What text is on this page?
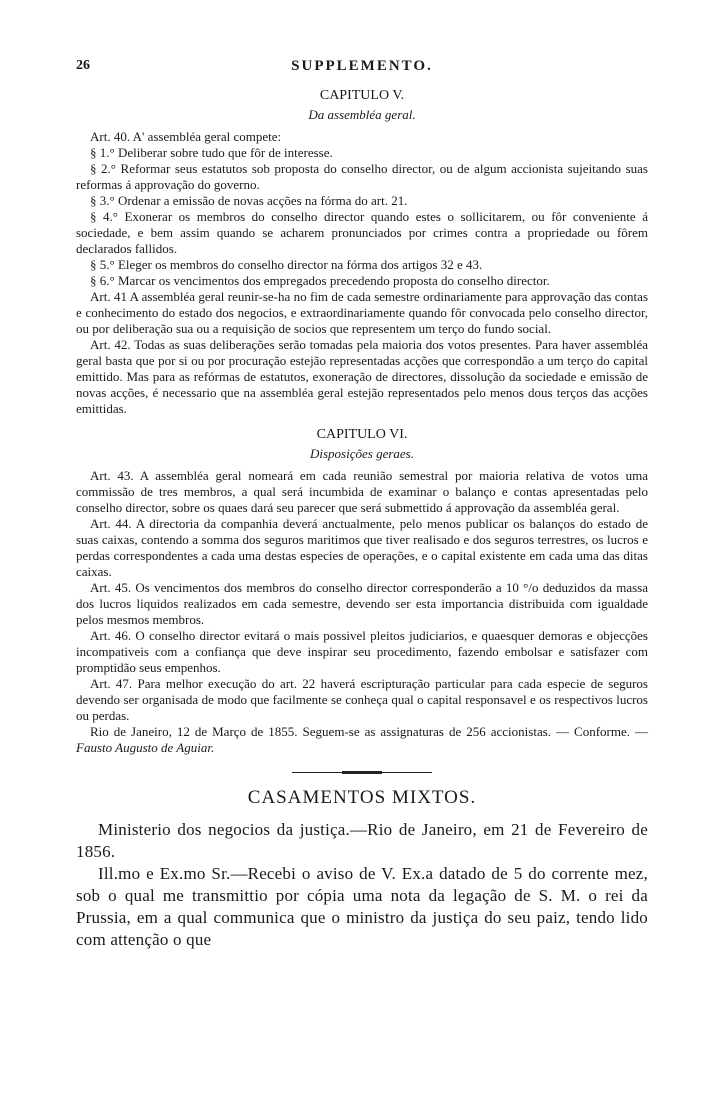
26	SUPPLEMENTO.
CAPITULO V.
Da assembléa geral.

Art. 40. A' assembléa geral compete:

§ 1.° Deliberar sobre tudo que fôr de interesse.

§ 2.° Reformar seus estatutos sob proposta do conselho director, ou de algum accionista sujeitando suas reformas á approvação do governo.

§ 3.° Ordenar a emissão de novas acções na fórma do art. 21.

§ 4.° Exonerar os membros do conselho director quando estes o sollicitarem, ou fôr conveniente á sociedade, e bem assim quando se acharem pronunciados por crimes contra a propriedade ou fôrem declarados fallidos.

§ 5.° Eleger os membros do conselho director na fórma dos artigos 32 e 43.

§ 6.° Marcar os vencimentos dos empregados precedendo proposta do conselho director.

Art. 41 A assembléa geral reunir-se-ha no fim de cada semestre ordinariamente para approvação das contas e conhecimento do estado dos negocios, e extraordinariamente quando fôr convocada pelo conselho director, ou por deliberação sua ou a requisição de socios que representem um terço do fundo social.

Art. 42. Todas as suas deliberações serão tomadas pela maioria dos votos presentes. Para haver assembléa geral basta que por si ou por procuração estejão representadas acções que correspondão a um terço do capital emittido. Mas para as refórmas de estatutos, exoneração de directores, dissolução da sociedade e emissão de novas acções, é necessario que na assembléa geral estejão representados pelo menos dous terços das acções emittidas.

CAPITULO VI.
Disposições geraes.

Art. 43. A assembléa geral nomeará em cada reunião semestral por maioria relativa de votos uma commissão de tres membros, a qual será incumbida de examinar o balanço e contas apresentadas pelo conselho director, sobre os quaes dará seu parecer que será submettido á approvação da assembléa geral.

Art. 44. A directoria da companhia deverá anctualmente, pelo menos publicar os balanços do estado de suas caixas, contendo a somma dos seguros maritimos que tiver realisado e dos seguros terrestres, os lucros e perdas correspondentes a cada uma destas especies de operações, e o capital existente em cada uma das ditas caixas.

Art. 45. Os vencimentos dos membros do conselho director corresponderão a 10 °/o deduzidos da massa dos lucros liquidos realizados em cada semestre, devendo ser esta importancia distribuida com igualdade pelos mesmos membros.

Art. 46. O conselho director evitará o mais possivel pleitos judiciarios, e quaesquer demoras e objecções incompativeis com a confiança que deve inspirar seu procedimento, fazendo embolsar e satisfazer com promptidão seus empenhos.

Art. 47. Para melhor execução do art. 22 haverá escripturação particular para cada especie de seguros devendo ser organisada de modo que facilmente se conheça qual o capital responsavel e os respectivos lucros ou perdas.

Rio de Janeiro, 12 de Março de 1855. Seguem-se as assignaturas de 256 accionistas. — Conforme. — Fausto Augusto de Aguiar.

CASAMENTOS MIXTOS.

Ministerio dos negocios da justiça.—Rio de Janeiro, em 21 de Fevereiro de 1856.

Ill.mo e Ex.mo Sr.—Recebi o aviso de V. Ex.a datado de 5 do corrente mez, sob o qual me transmittio por cópia uma nota da legação de S. M. o rei da Prussia, em a qual communica que o ministro da justiça do seu paiz, tendo lido com attenção o que
